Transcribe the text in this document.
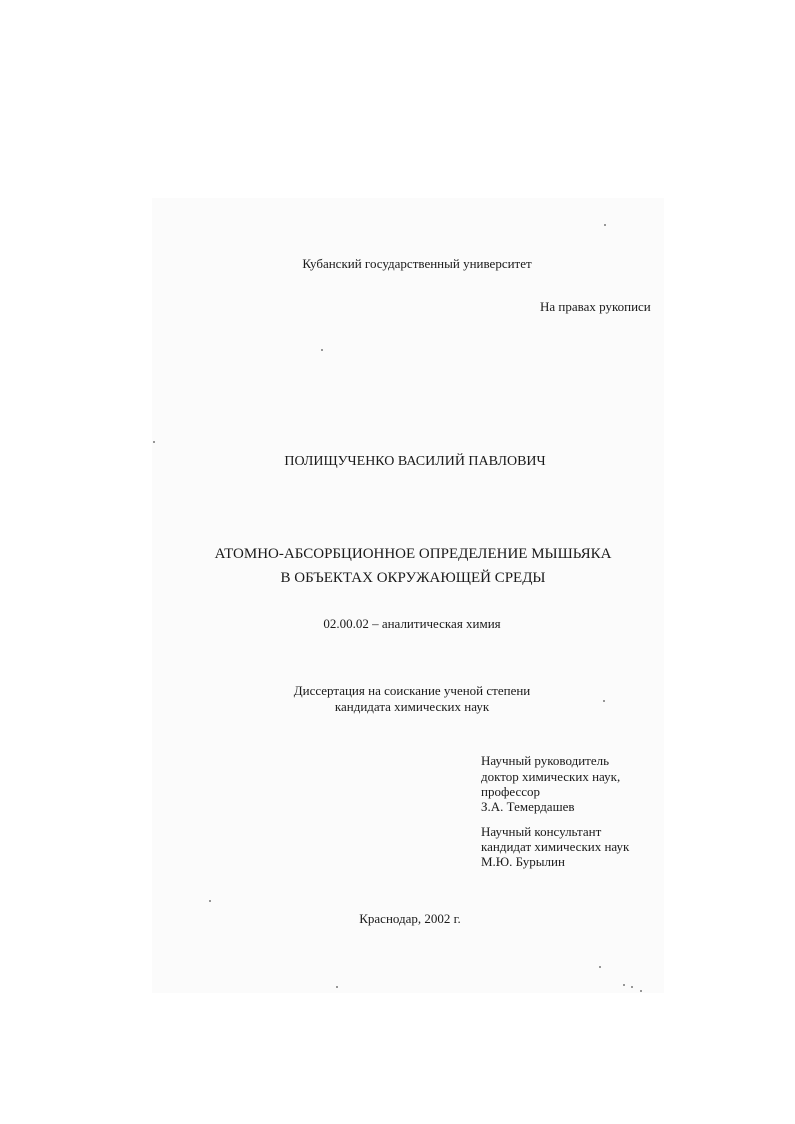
Кубанский государственный университет
На правах рукописи
ПОЛИЩУЧЕНКО ВАСИЛИЙ ПАВЛОВИЧ
АТОМНО-АБСОРБЦИОННОЕ ОПРЕДЕЛЕНИЕ МЫШЬЯКА
В ОБЪЕКТАХ ОКРУЖАЮЩЕЙ СРЕДЫ
02.00.02 – аналитическая химия
Диссертация на соискание ученой степени
кандидата химических наук
Научный руководитель
доктор химических наук,
профессор
З.А. Темердашев
Научный консультант
кандидат химических наук
М.Ю. Бурылин
Краснодар, 2002 г.
